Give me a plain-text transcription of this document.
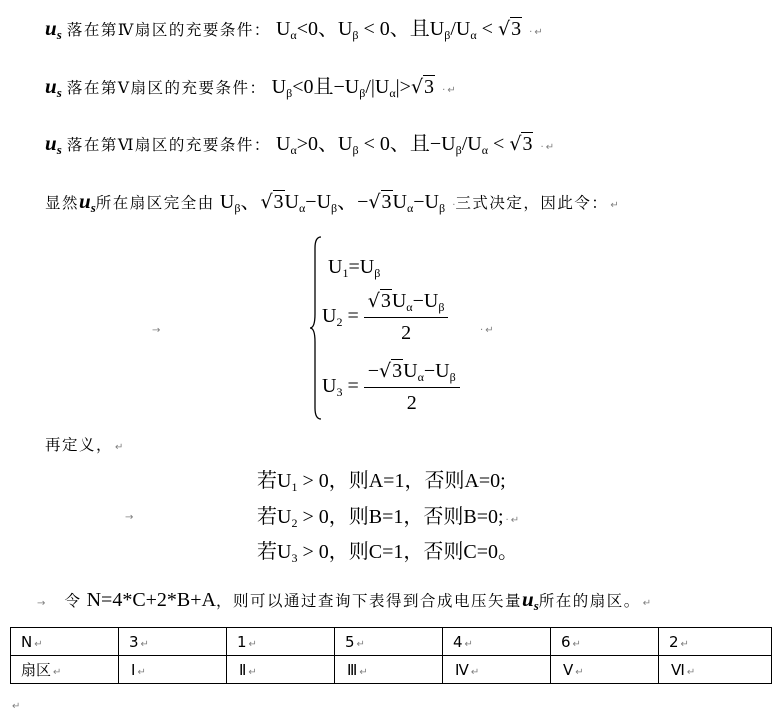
$u_s$ 落在第Ⅳ扇区的充要条件： $U_\alpha<0$、$U_\beta < 0$、且$U_\beta/U_\alpha < √3$ · ↵
$u_s$ 落在第Ⅴ扇区的充要条件： $U_\beta<0$且$-U_\beta/|U_\alpha|>√3$ · ↵
$u_s$ 落在第Ⅵ扇区的充要条件： $U_\alpha>0$、$U_\beta < 0$、且$-U_\beta/U_\alpha < √3$ · ↵
显然$u_s$所在扇区完全由 $U_\beta$、$√3U_\alpha-U_\beta$、$-√3U_\alpha-U_\beta$ ·三式决定，因此令： ↵
→
$U_1=U_\beta$
$U_2 = \frac{√3U_\alpha-U_\beta}{2}$	· ↵
$U_3 = \frac{-√3U_\alpha-U_\beta}{2}$
再定义， ↵
若$U_1 > 0$，则A=1，否则A=0;
→	若$U_2 > 0$，则B=1，否则B=0; · ↵
若$U_3 > 0$，则C=1，否则C=0。
→ 令 N=4*C+2*B+A，则可以通过查询下表得到合成电压矢量$u_s$所在的扇区。 ↵
N ↵	3 ↵	1 ↵	5 ↵	4 ↵	6 ↵	2 ↵
扇区 ↵	Ⅰ ↵	Ⅱ ↵	Ⅲ ↵	Ⅳ ↵	Ⅴ ↵	Ⅵ ↵
↵
